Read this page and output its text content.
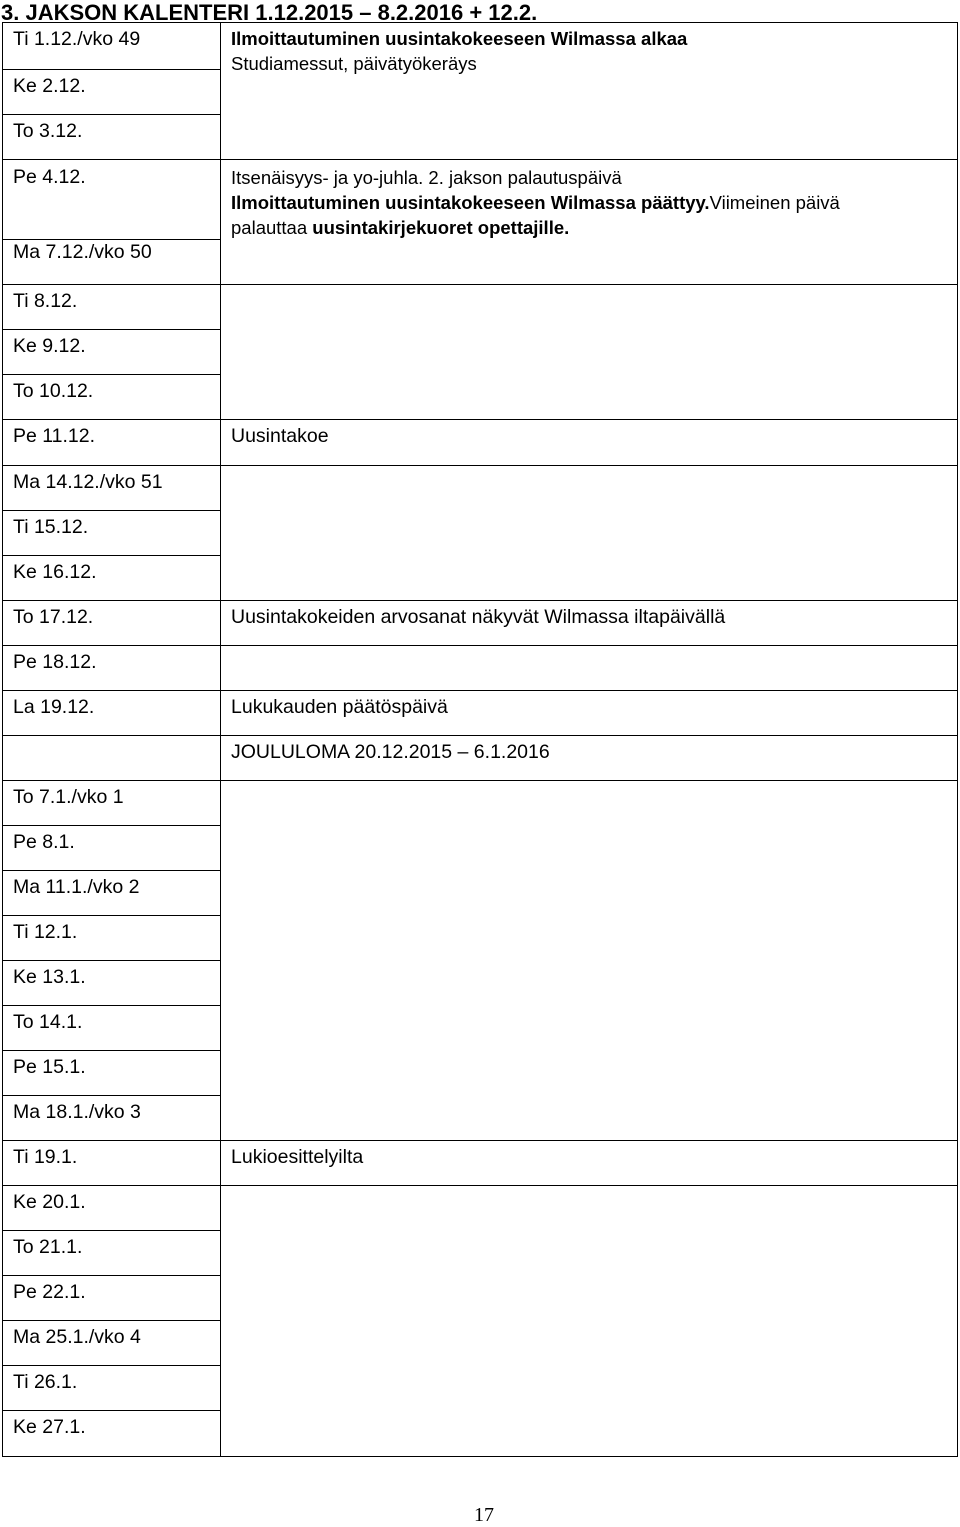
3. JAKSON KALENTERI 1.12.2015 – 8.2.2016 + 12.2.
Ti 1.12./vko 49	Ilmoittautuminen uusintakokeeseen Wilmassa alkaa
Studiamessut, päivätyökeräys

Ke 2.12.	
To 3.12.	
Pe 4.12.	Itsenäisyys- ja yo-juhla. 2. jakson palautuspäivä
Ilmoittautuminen uusintakokeeseen Wilmassa päättyy.Viimeinen päivä
palauttaa uusintakirjekuoret opettajille.

Ma 7.12./vko 50	
Ti 8.12.	
Ke 9.12.	
To 10.12.	
Pe 11.12.	Uusintakoe
Ma 14.12./vko 51	
Ti 15.12.	
Ke 16.12.	
To 17.12.	Uusintakokeiden arvosanat näkyvät Wilmassa iltapäivällä
Pe 18.12.	
La 19.12.	Lukukauden päätöspäivä
	JOULULOMA 20.12.2015 – 6.1.2016
To 7.1./vko 1	
Pe 8.1.	
Ma 11.1./vko 2	
Ti 12.1.	
Ke 13.1.	
To 14.1.	
Pe 15.1.	
Ma 18.1./vko 3	
Ti 19.1.	Lukioesittelyilta
Ke 20.1.	
To 21.1.	
Pe 22.1.	
Ma 25.1./vko 4	
Ti 26.1.	
Ke 27.1.	
17
